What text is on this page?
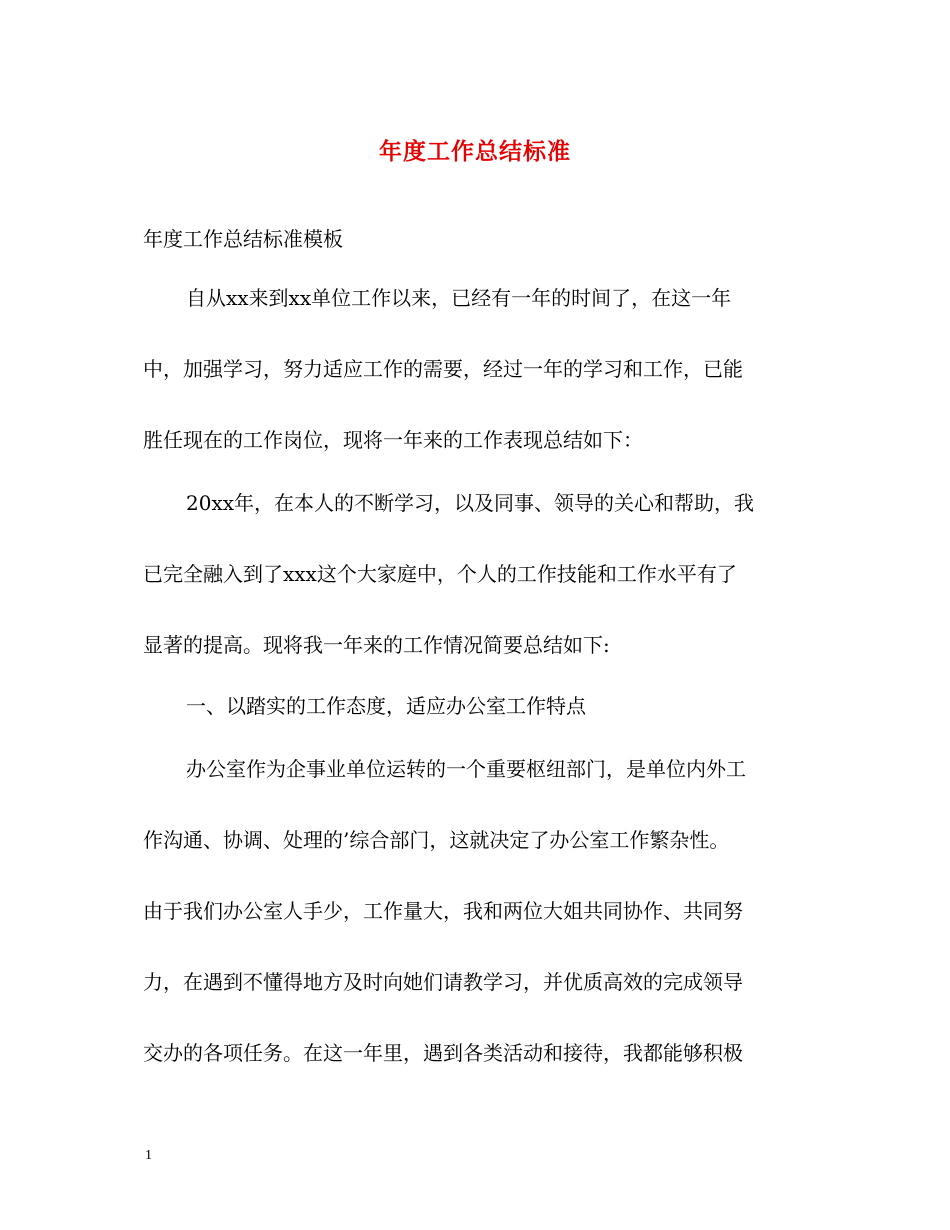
年度工作总结标准
年度工作总结标准模板
自从xx来到xx单位工作以来，已经有一年的时间了，在这一年
中，加强学习，努力适应工作的需要，经过一年的学习和工作，已能
胜任现在的工作岗位，现将一年来的工作表现总结如下：
20xx年，在本人的不断学习，以及同事、领导的关心和帮助，我
已完全融入到了xxx这个大家庭中，个人的工作技能和工作水平有了
显著的提高。现将我一年来的工作情况简要总结如下:
一、以踏实的工作态度，适应办公室工作特点
办公室作为企事业单位运转的一个重要枢纽部门，是单位内外工
作沟通、协调、处理的’综合部门，这就决定了办公室工作繁杂性。
由于我们办公室人手少，工作量大，我和两位大姐共同协作、共同努
力，在遇到不懂得地方及时向她们请教学习，并优质高效的完成领导
交办的各项任务。在这一年里，遇到各类活动和接待，我都能够积极
1
